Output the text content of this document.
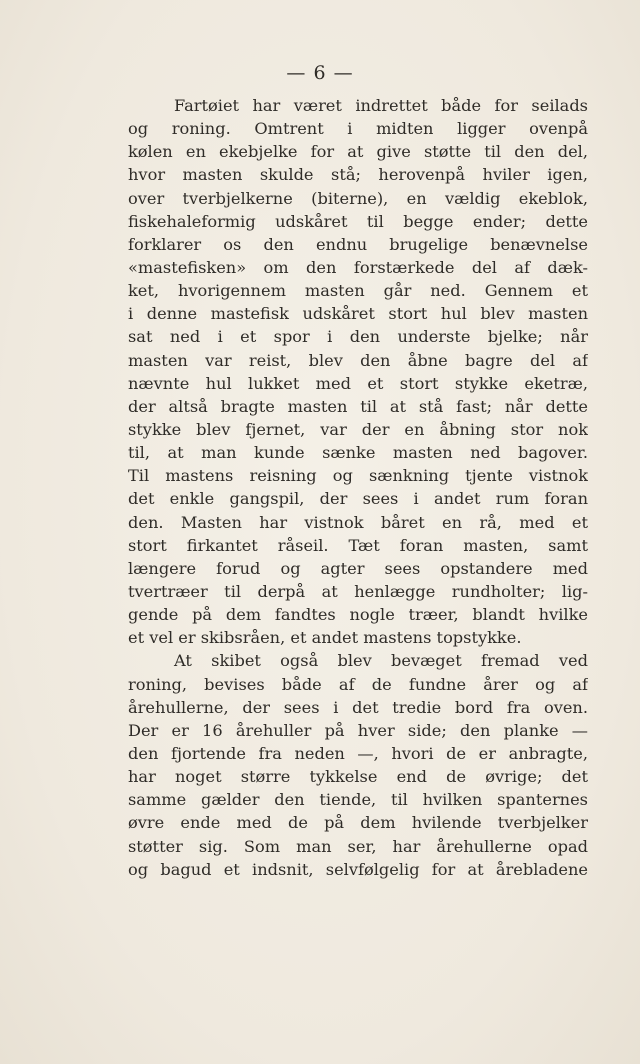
— 6 —
Fartøiet har været indrettet både for seilads
og roning. Omtrent i midten ligger ovenpå
kølen en ekebjelke for at give støtte til den del,
hvor masten skulde stå; herovenpå hviler igen,
over tverbjelkerne (biterne), en vældig ekeblok,
fiskehaleformig udskåret til begge ender; dette
forklarer os den endnu brugelige benævnelse
«mastefisken» om den forstærkede del af dæk-
ket, hvorigennem masten går ned. Gennem et
i denne mastefisk udskåret stort hul blev masten
sat ned i et spor i den underste bjelke; når
masten var reist, blev den åbne bagre del af
nævnte hul lukket med et stort stykke eketræ,
der altså bragte masten til at stå fast; når dette
stykke blev fjernet, var der en åbning stor nok
til, at man kunde sænke masten ned bagover.
Til mastens reisning og sænkning tjente vistnok
det enkle gangspil, der sees i andet rum foran
den. Masten har vistnok båret en rå, med et
stort firkantet råseil. Tæt foran masten, samt
længere forud og agter sees opstandere med
tvertræer til derpå at henlægge rundholter; lig-
gende på dem fandtes nogle træer, blandt hvilke
et vel er skibsråen, et andet mastens topstykke.
At skibet også blev bevæget fremad ved
roning, bevises både af de fundne årer og af
årehullerne, der sees i det tredie bord fra oven.
Der er 16 årehuller på hver side; den planke —
den fjortende fra neden —, hvori de er anbragte,
har noget større tykkelse end de øvrige; det
samme gælder den tiende, til hvilken spanternes
øvre ende med de på dem hvilende tverbjelker
støtter sig. Som man ser, har årehullerne opad
og bagud et indsnit, selvfølgelig for at årebladene
